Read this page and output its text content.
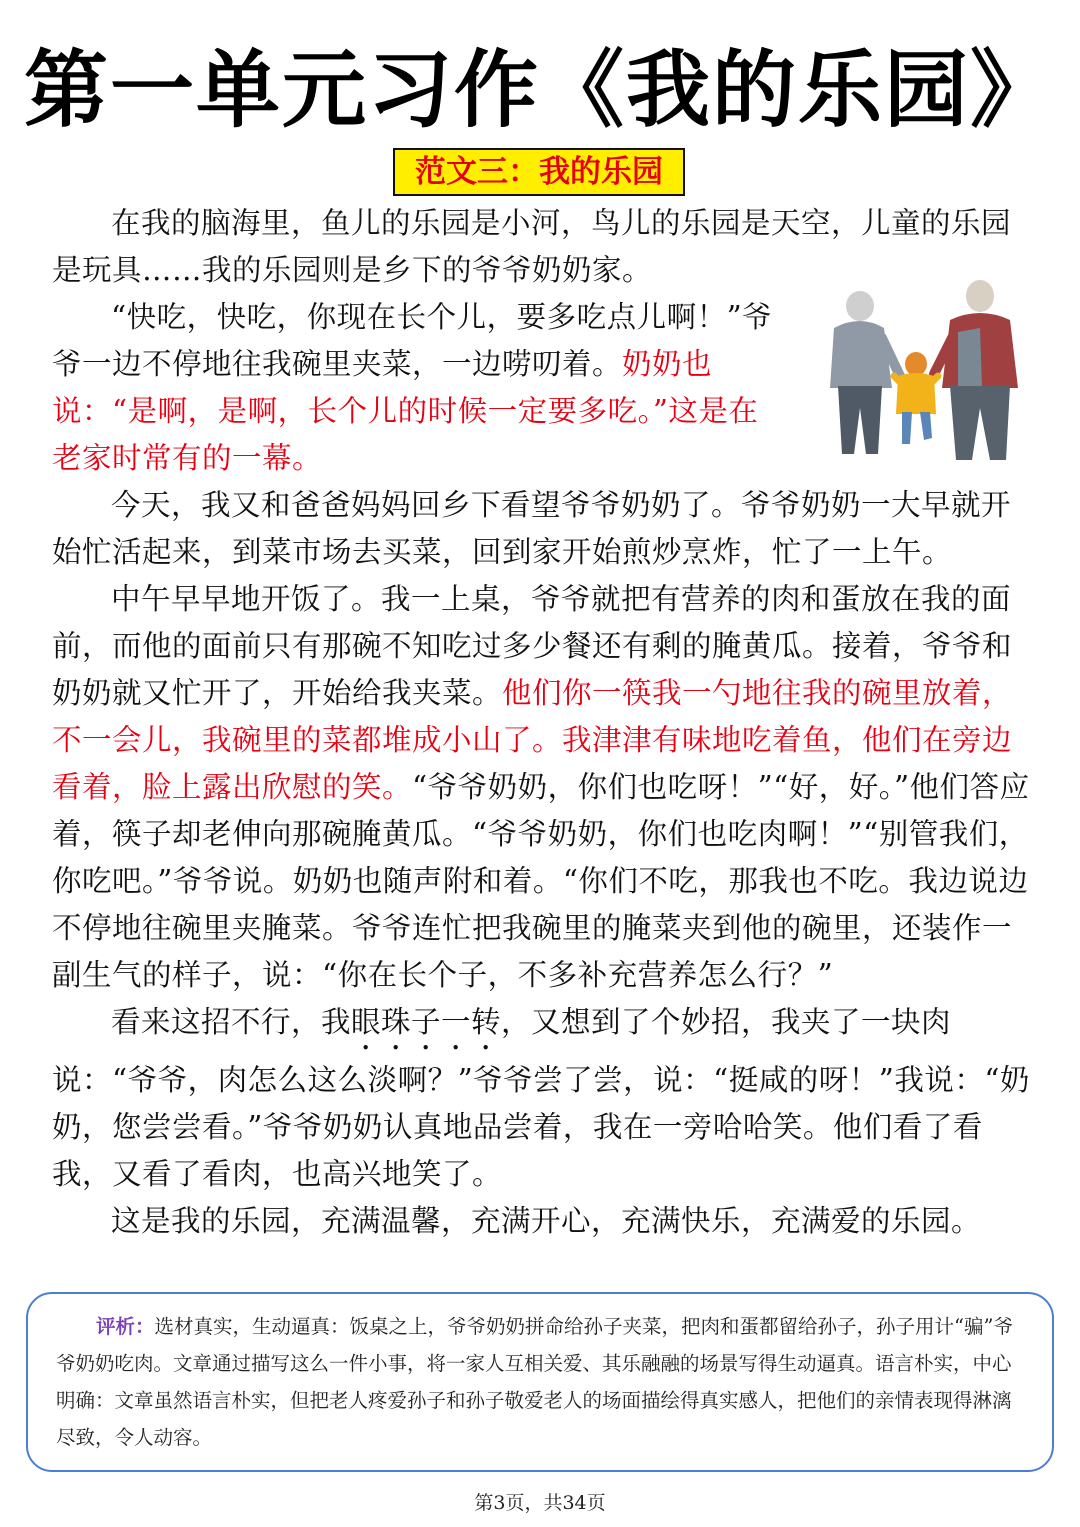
第一单元习作《我的乐园》
范文三：我的乐园

在我的脑海里，鱼儿的乐园是小河，鸟儿的乐园是天空，儿童的乐园是玩具……我的乐园则是乡下的爷爷奶奶家。

“快吃，快吃，你现在长个儿，要多吃点儿啊！”爷爷一边不停地往我碗里夹菜，一边唠叨着。奶奶也说：“是啊，是啊，长个儿的时候一定要多吃。”这是在老家时常有的一幕。

今天，我又和爸爸妈妈回乡下看望爷爷奶奶了。爷爷奶奶一大早就开始忙活起来，到菜市场去买菜，回到家开始煎炒烹炸，忙了一上午。

中午早早地开饭了。我一上桌，爷爷就把有营养的肉和蛋放在我的面前，而他的面前只有那碗不知吃过多少餐还有剩的腌黄瓜。接着，爷爷和奶奶就又忙开了，开始给我夹菜。他们你一筷我一勺地往我的碗里放着，不一会儿，我碗里的菜都堆成小山了。我津津有味地吃着鱼，他们在旁边看着，脸上露出欣慰的笑。“爷爷奶奶，你们也吃呀！”“好，好。”他们答应着，筷子却老伸向那碗腌黄瓜。“爷爷奶奶，你们也吃肉啊！”“别管我们，你吃吧。”爷爷说。奶奶也随声附和着。“你们不吃，那我也不吃。我边说边不停地往碗里夹腌菜。爷爷连忙把我碗里的腌菜夹到他的碗里，还装作一副生气的样子，说：“你在长个子，不多补充营养怎么行？”

看来这招不行，我眼珠子一转，又想到了个妙招，我夹了一块肉说：“爷爷，肉怎么这么淡啊？”爷爷尝了尝，说：“挺咸的呀！”我说：“奶奶，您尝尝看。”爷爷奶奶认真地品尝着，我在一旁哈哈笑。他们看了看我，又看了看肉，也高兴地笑了。

这是我的乐园，充满温馨，充满开心，充满快乐，充满爱的乐园。

评析：选材真实，生动逼真：饭桌之上，爷爷奶奶拼命给孙子夹菜，把肉和蛋都留给孙子，孙子用计“骗”爷爷奶奶吃肉。文章通过描写这么一件小事，将一家人互相关爱、其乐融融的场景写得生动逼真。语言朴实，中心明确：文章虽然语言朴实，但把老人疼爱孙子和孙子敬爱老人的场面描绘得真实感人，把他们的亲情表现得淋漓尽致，令人动容。
第3页，共34页
